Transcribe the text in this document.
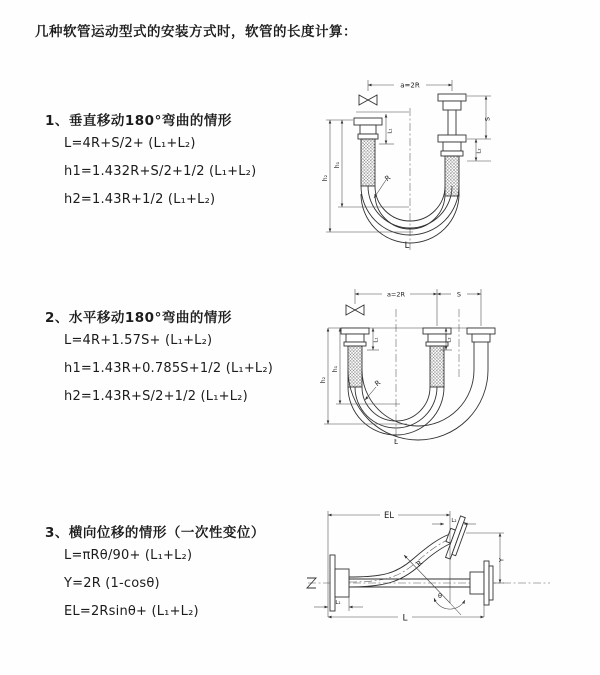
几种软管运动型式的安装方式时，软管的长度计算：
1、垂直移动180°弯曲的情形
L=4R+S/2+ (L₁+L₂)
h1=1.432R+S/2+1/2 (L₁+L₂)
h2=1.43R+1/2 (L₁+L₂)
a=2R
L₁
S
L₂
h₁
h₂	R
L
2、水平移动180°弯曲的情形
L=4R+1.57S+ (L₁+L₂)
h1=1.43R+0.785S+1/2 (L₁+L₂)
h2=1.43R+S/2+1/2 (L₁+L₂)
a=2R	S
L₁	L₂
h₁
h₂	R
L
3、横向位移的情形（一次性变位）
L=πRθ/90+ (L₁+L₂)
Y=2R (1-cosθ)
EL=2Rsinθ+ (L₁+L₂)
EL	L₂
Y
R
θ
L
L₁
